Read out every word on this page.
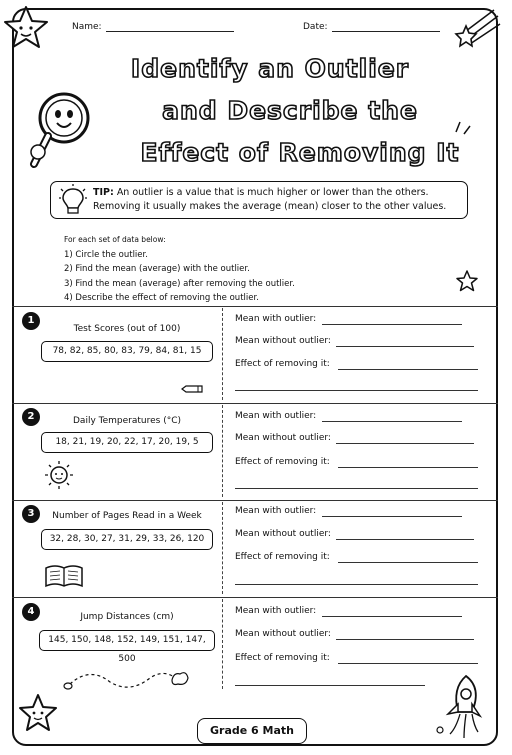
Name:	Date:
Identify an Outlier
and Describe the
Effect of Removing It
TIP: An outlier is a value that is much higher or lower than the others.
Removing it usually makes the average (mean) closer to the other values.
For each set of data below:
1) Circle the outlier.
2) Find the mean (average) with the outlier.
3) Find the mean (average) after removing the outlier.
4) Describe the effect of removing the outlier.
1
Test Scores (out of 100)
78, 82, 85, 80, 83, 79, 84, 81, 15
Mean with outlier:
Mean without outlier:
Effect of removing it:
2	Daily Temperatures (°C)
18, 21, 19, 20, 22, 17, 20, 19, 5
Mean with outlier:
Mean without outlier:
Effect of removing it:
3	Number of Pages Read in a Week
32, 28, 30, 27, 31, 29, 33, 26, 120
Mean with outlier:
Mean without outlier:
Effect of removing it:
4	Jump Distances (cm)
145, 150, 148, 152, 149, 151, 147, 500
Mean with outlier:
Mean without outlier:
Effect of removing it:
Grade 6 Math
